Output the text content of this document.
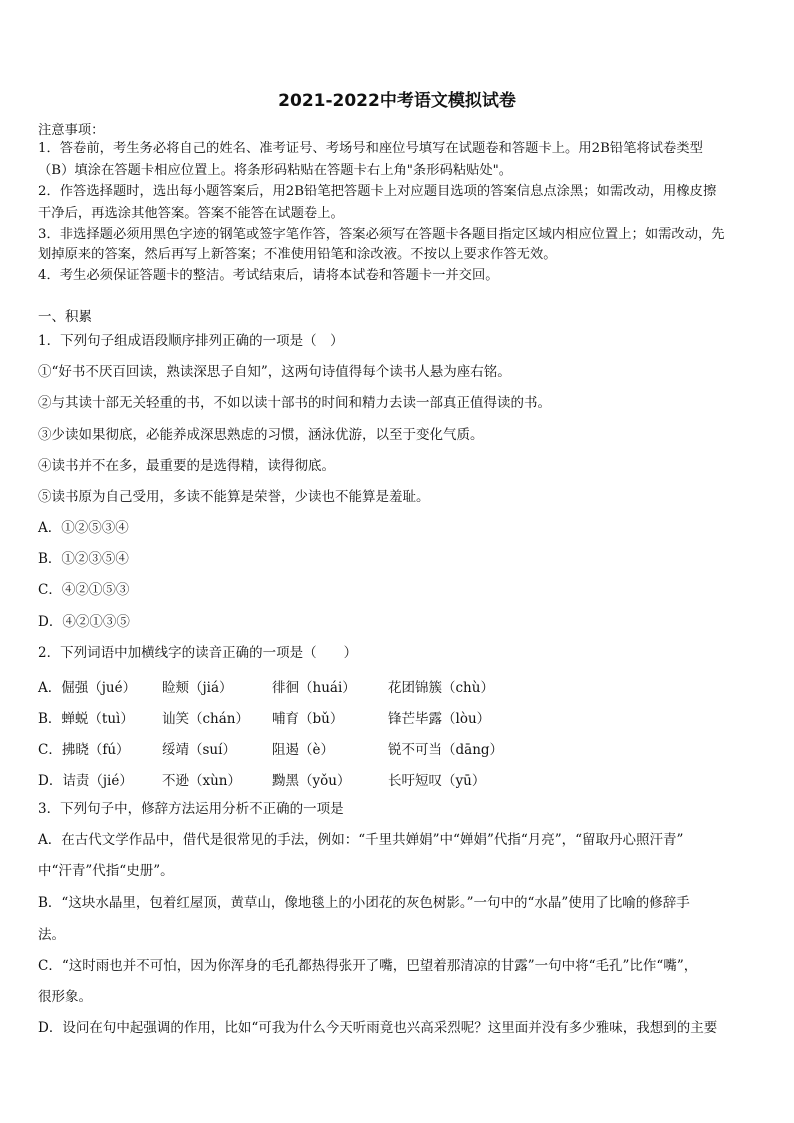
2021-2022中考语文模拟试卷
注意事项：
1．答卷前，考生务必将自己的姓名、准考证号、考场号和座位号填写在试题卷和答题卡上。用2B铅笔将试卷类型
（B）填涂在答题卡相应位置上。将条形码粘贴在答题卡右上角"条形码粘贴处"。
2．作答选择题时，选出每小题答案后，用2B铅笔把答题卡上对应题目选项的答案信息点涂黑；如需改动，用橡皮擦
干净后，再选涂其他答案。答案不能答在试题卷上。
3．非选择题必须用黑色字迹的钢笔或签字笔作答，答案必须写在答题卡各题目指定区域内相应位置上；如需改动，先
划掉原来的答案，然后再写上新答案；不准使用铅笔和涂改液。不按以上要求作答无效。
4．考生必须保证答题卡的整洁。考试结束后，请将本试卷和答题卡一并交回。
一、积累
1．下列句子组成语段顺序排列正确的一项是（　）
①“好书不厌百回读，熟读深思子自知”，这两句诗值得每个读书人悬为座右铭。
②与其读十部无关轻重的书，不如以读十部书的时间和精力去读一部真正值得读的书。
③少读如果彻底，必能养成深思熟虑的习惯，涵泳优游，以至于变化气质。
④读书并不在多，最重要的是选得精，读得彻底。
⑤读书原为自己受用，多读不能算是荣誉，少读也不能算是羞耻。
A．①②⑤③④
B．①②③⑤④
C．④②①⑤③
D．④②①③⑤
2．下列词语中加横线字的读音正确的一项是（　　）
A．倔强（jué） 睑颊（jiá）	徘徊（huái） 花团锦簇（chù）
B．蝉蜕（tuì） 讪笑（chán） 哺育（bǔ）	锋芒毕露（lòu）
C．拂晓（fú） 绥靖（suí）	阻遏（è）	锐不可当（dāng）
D．诘责（jié） 不逊（xùn） 黝黑（yǒu）	长吁短叹（yū）
3．下列句子中，修辞方法运用分析不正确的一项是
A．在古代文学作品中，借代是很常见的手法，例如：“千里共婵娟”中“婵娟”代指“月亮”，“留取丹心照汗青”
中“汗青”代指“史册”。
B．“这块水晶里，包着红屋顶，黄草山，像地毯上的小团花的灰色树影。”一句中的“水晶”使用了比喻的修辞手
法。
C．“这时雨也并不可怕，因为你浑身的毛孔都热得张开了嘴，巴望着那清凉的甘露”一句中将“毛孔”比作“嘴”，
很形象。
D．设问在句中起强调的作用，比如“可我为什么今天听雨竟也兴高采烈呢？这里面并没有多少雅味，我想到的主要
